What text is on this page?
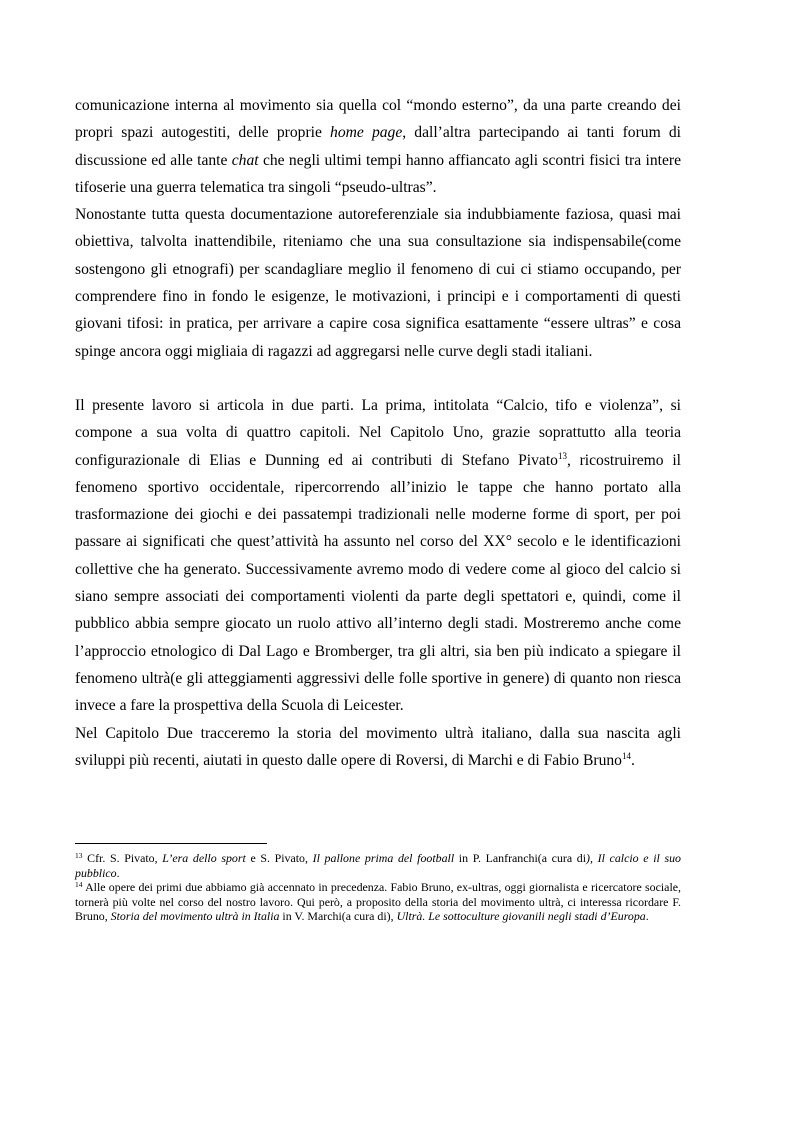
comunicazione interna al movimento sia quella col “mondo esterno”, da una parte creando dei propri spazi autogestiti, delle proprie home page, dall’altra partecipando ai tanti forum di discussione ed alle tante chat che negli ultimi tempi hanno affiancato agli scontri fisici tra intere tifoserie una guerra telematica tra singoli “pseudo-ultras”.

Nonostante tutta questa documentazione autoreferenziale sia indubbiamente faziosa, quasi mai obiettiva, talvolta inattendibile, riteniamo che una sua consultazione sia indispensabile(come sostengono gli etnografi) per scandagliare meglio il fenomeno di cui ci stiamo occupando, per comprendere fino in fondo le esigenze, le motivazioni, i principi e i comportamenti di questi giovani tifosi: in pratica, per arrivare a capire cosa significa esattamente “essere ultras” e cosa spinge ancora oggi migliaia di ragazzi ad aggregarsi nelle curve degli stadi italiani.

Il presente lavoro si articola in due parti. La prima, intitolata “Calcio, tifo e violenza”, si compone a sua volta di quattro capitoli. Nel Capitolo Uno, grazie soprattutto alla teoria configurazionale di Elias e Dunning ed ai contributi di Stefano Pivato$^{13}$, ricostruiremo il fenomeno sportivo occidentale, ripercorrendo all’inizio le tappe che hanno portato alla trasformazione dei giochi e dei passatempi tradizionali nelle moderne forme di sport, per poi passare ai significati che quest’attività ha assunto nel corso del XX° secolo e le identificazioni collettive che ha generato. Successivamente avremo modo di vedere come al gioco del calcio si siano sempre associati dei comportamenti violenti da parte degli spettatori e, quindi, come il pubblico abbia sempre giocato un ruolo attivo all’interno degli stadi. Mostreremo anche come l’approccio etnologico di Dal Lago e Bromberger, tra gli altri, sia ben più indicato a spiegare il fenomeno ultrà(e gli atteggiamenti aggressivi delle folle sportive in genere) di quanto non riesca invece a fare la prospettiva della Scuola di Leicester.

Nel Capitolo Due tracceremo la storia del movimento ultrà italiano, dalla sua nascita agli sviluppi più recenti, aiutati in questo dalle opere di Roversi, di Marchi e di Fabio Bruno$^{14}$.

$^{13}$ Cfr. S. Pivato, L’era dello sport e S. Pivato, Il pallone prima del football in P. Lanfranchi(a cura di), Il calcio e il suo pubblico.

$^{14}$ Alle opere dei primi due abbiamo già accennato in precedenza. Fabio Bruno, ex-ultras, oggi giornalista e ricercatore sociale, tornerà più volte nel corso del nostro lavoro. Qui però, a proposito della storia del movimento ultrà, ci interessa ricordare F. Bruno, Storia del movimento ultrà in Italia in V. Marchi(a cura di), Ultrà. Le sottoculture giovanili negli stadi d’Europa.
